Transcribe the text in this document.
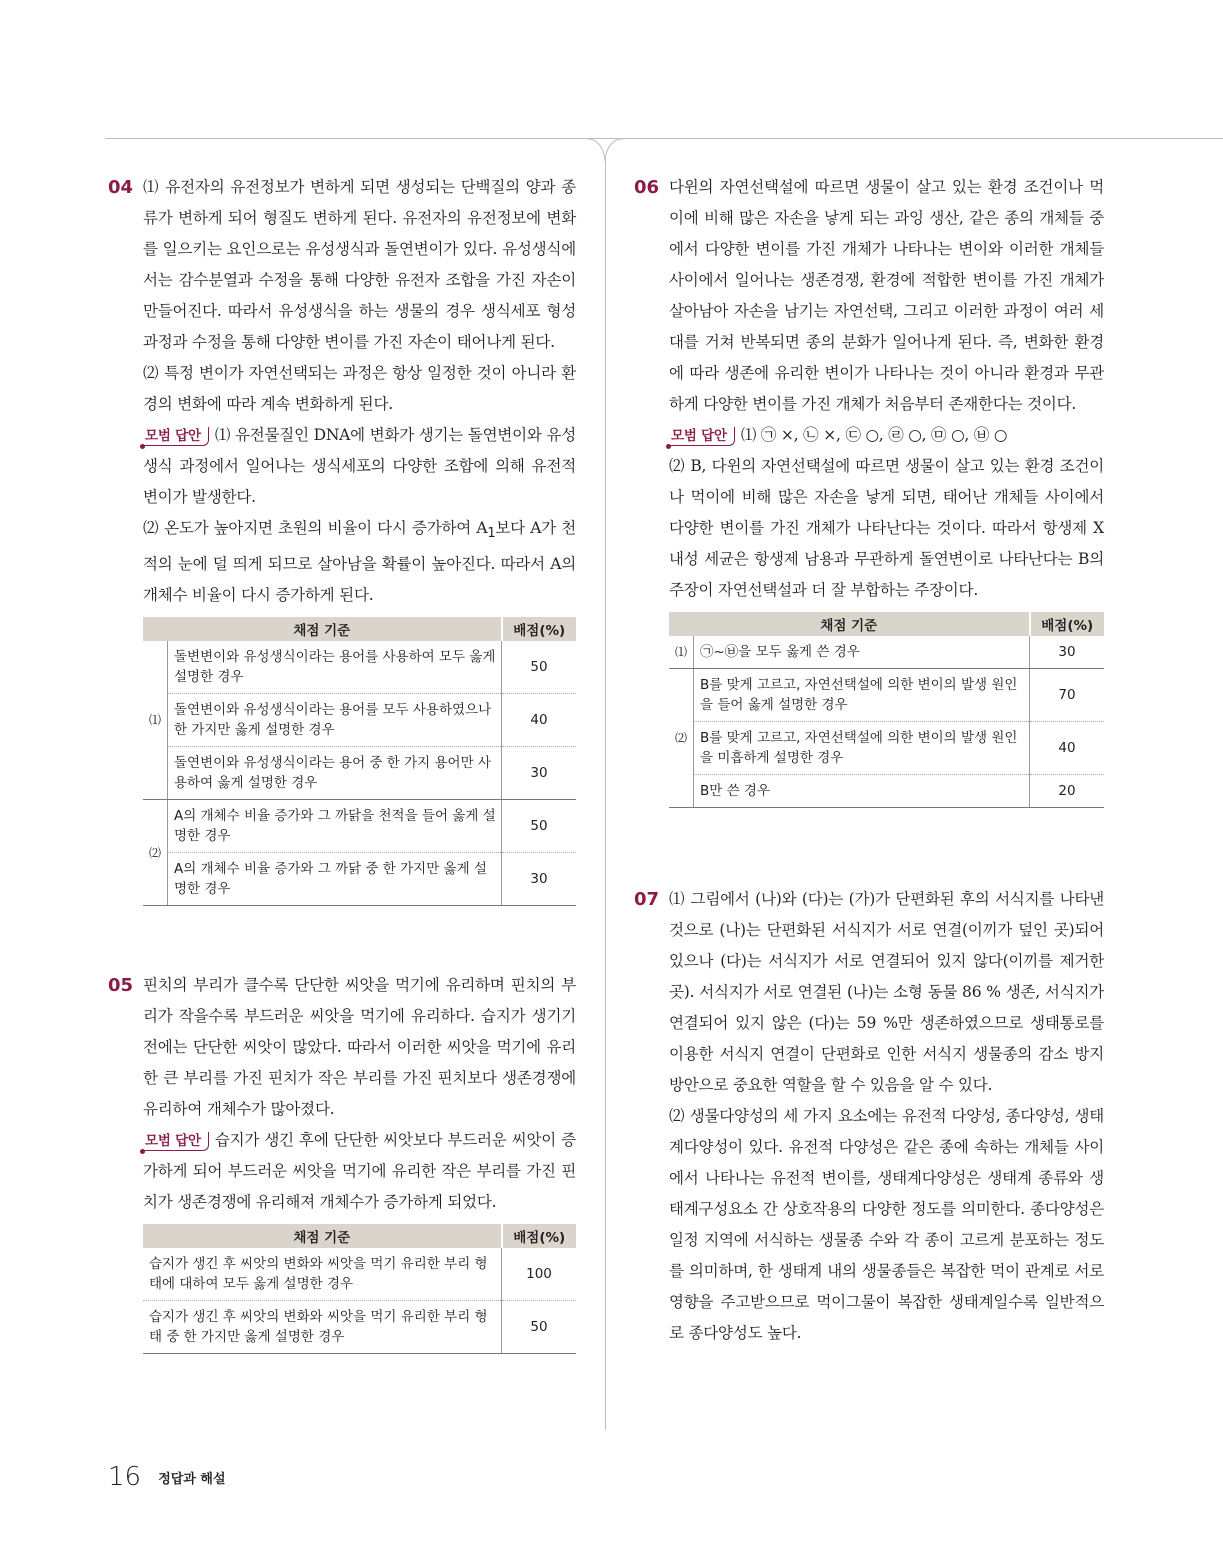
04 ⑴ 유전자의 유전정보가 변하게 되면 생성되는 단백질의 양과 종류가 변하게 되어 형질도 변하게 된다. 유전자의 유전정보에 변화를 일으키는 요인으로는 유성생식과 돌연변이가 있다. 유성생식에서는 감수분열과 수정을 통해 다양한 유전자 조합을 가진 자손이 만들어진다. 따라서 유성생식을 하는 생물의 경우 생식세포 형성 과정과 수정을 통해 다양한 변이를 가진 자손이 태어나게 된다.

⑵ 특정 변이가 자연선택되는 과정은 항상 일정한 것이 아니라 환경의 변화에 따라 계속 변화하게 된다.

모범 답안 ⑴ 유전물질인 DNA에 변화가 생기는 돌연변이와 유성생식 과정에서 일어나는 생식세포의 다양한 조합에 의해 유전적 변이가 발생한다.

⑵ 온도가 높아지면 초원의 비율이 다시 증가하여 $A_1$보다 A가 천적의 눈에 덜 띄게 되므로 살아남을 확률이 높아진다. 따라서 A의 개체수 비율이 다시 증가하게 된다.

채점 기준		배점(%)
⑴	돌변변이와 유성생식이라는 용어를 사용하여 모두 옳게 설명한 경우	50
	돌연변이와 유성생식이라는 용어를 모두 사용하였으나 한 가지만 옳게 설명한 경우	40
	돌연변이와 유성생식이라는 용어 중 한 가지 용어만 사용하여 옳게 설명한 경우	30
⑵	A의 개체수 비율 증가와 그 까닭을 천적을 들어 옳게 설명한 경우	50
	A의 개체수 비율 증가와 그 까닭 중 한 가지만 옳게 설명한 경우	30
05 핀치의 부리가 클수록 단단한 씨앗을 먹기에 유리하며 핀치의 부리가 작을수록 부드러운 씨앗을 먹기에 유리하다. 습지가 생기기 전에는 단단한 씨앗이 많았다. 따라서 이러한 씨앗을 먹기에 유리한 큰 부리를 가진 핀치가 작은 부리를 가진 핀치보다 생존경쟁에 유리하여 개체수가 많아졌다.

모범 답안 습지가 생긴 후에 단단한 씨앗보다 부드러운 씨앗이 증가하게 되어 부드러운 씨앗을 먹기에 유리한 작은 부리를 가진 핀치가 생존경쟁에 유리해져 개체수가 증가하게 되었다.

채점 기준	배점(%)
습지가 생긴 후 씨앗의 변화와 씨앗을 먹기 유리한 부리 형태에 대하여 모두 옳게 설명한 경우	100
습지가 생긴 후 씨앗의 변화와 씨앗을 먹기 유리한 부리 형태 중 한 가지만 옳게 설명한 경우	50
06 다윈의 자연선택설에 따르면 생물이 살고 있는 환경 조건이나 먹이에 비해 많은 자손을 낳게 되는 과잉 생산, 같은 종의 개체들 중에서 다양한 변이를 가진 개체가 나타나는 변이와 이러한 개체들 사이에서 일어나는 생존경쟁, 환경에 적합한 변이를 가진 개체가 살아남아 자손을 남기는 자연선택, 그리고 이러한 과정이 여러 세대를 거쳐 반복되면 종의 분화가 일어나게 된다. 즉, 변화한 환경에 따라 생존에 유리한 변이가 나타나는 것이 아니라 환경과 무관하게 다양한 변이를 가진 개체가 처음부터 존재한다는 것이다.

모범 답안 ⑴ ㉠ ×, ㉡ ×, ㉢ ○, ㉣ ○, ㉤ ○, ㉥ ○

⑵ B, 다윈의 자연선택설에 따르면 생물이 살고 있는 환경 조건이나 먹이에 비해 많은 자손을 낳게 되면, 태어난 개체들 사이에서 다양한 변이를 가진 개체가 나타난다는 것이다. 따라서 항생제 X 내성 세균은 항생제 남용과 무관하게 돌연변이로 나타난다는 B의 주장이 자연선택설과 더 잘 부합하는 주장이다.

채점 기준		배점(%)
⑴	㉠~㉥을 모두 옳게 쓴 경우	30
⑵	B를 맞게 고르고, 자연선택설에 의한 변이의 발생 원인을 들어 옳게 설명한 경우	70
	B를 맞게 고르고, 자연선택설에 의한 변이의 발생 원인을 미흡하게 설명한 경우	40
	B만 쓴 경우	20
07 ⑴ 그림에서 (나)와 (다)는 (가)가 단편화된 후의 서식지를 나타낸 것으로 (나)는 단편화된 서식지가 서로 연결(이끼가 덮인 곳)되어 있으나 (다)는 서식지가 서로 연결되어 있지 않다(이끼를 제거한 곳). 서식지가 서로 연결된 (나)는 소형 동물 86 % 생존, 서식지가 연결되어 있지 않은 (다)는 59 %만 생존하였으므로 생태통로를 이용한 서식지 연결이 단편화로 인한 서식지 생물종의 감소 방지 방안으로 중요한 역할을 할 수 있음을 알 수 있다.

⑵ 생물다양성의 세 가지 요소에는 유전적 다양성, 종다양성, 생태계다양성이 있다. 유전적 다양성은 같은 종에 속하는 개체들 사이에서 나타나는 유전적 변이를, 생태계다양성은 생태계 종류와 생태계구성요소 간 상호작용의 다양한 정도를 의미한다. 종다양성은 일정 지역에 서식하는 생물종 수와 각 종이 고르게 분포하는 정도를 의미하며, 한 생태계 내의 생물종들은 복잡한 먹이 관계로 서로 영향을 주고받으므로 먹이그물이 복잡한 생태계일수록 일반적으로 종다양성도 높다.

16 정답과 해설
